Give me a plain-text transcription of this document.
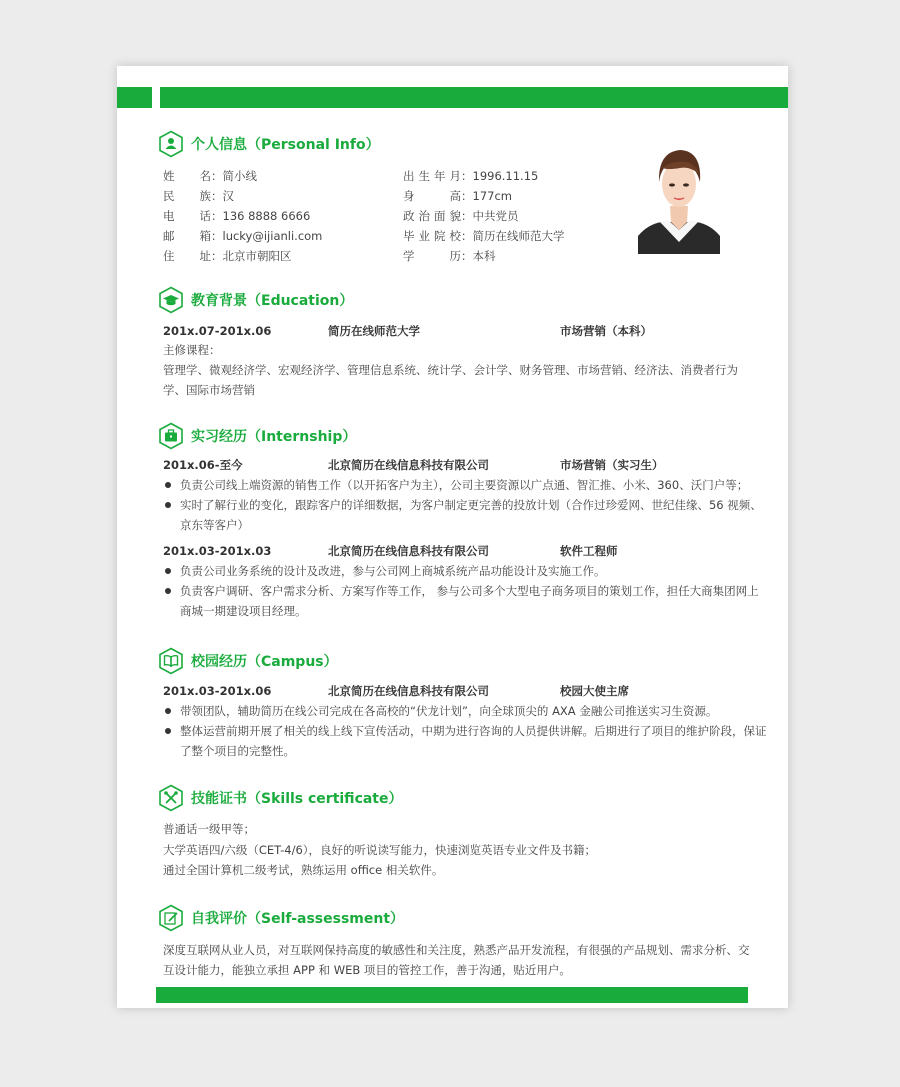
个人信息（Personal Info）
姓名：简小线
民族：汉
电话：136 8888 6666
邮箱：lucky@ijianli.com
住址：北京市朝阳区
出生年月：1996.11.15
身高：177cm
政治面貌：中共党员
毕业院校：简历在线师范大学
学历：本科
教育背景（Education）
201x.07-201x.06	简历在线师范大学	市场营销（本科）
主修课程：
管理学、微观经济学、宏观经济学、管理信息系统、统计学、会计学、财务管理、市场营销、经济法、消费者行为学、国际市场营销
实习经历（Internship）
201x.06-至今	北京简历在线信息科技有限公司	市场营销（实习生）
负责公司线上端资源的销售工作（以开拓客户为主），公司主要资源以广点通、智汇推、小米、360、沃门户等；
实时了解行业的变化，跟踪客户的详细数据，为客户制定更完善的投放计划（合作过珍爱网、世纪佳缘、56 视频、京东等客户）
201x.03-201x.03	北京简历在线信息科技有限公司	软件工程师
负责公司业务系统的设计及改进，参与公司网上商城系统产品功能设计及实施工作。
负责客户调研、客户需求分析、方案写作等工作， 参与公司多个大型电子商务项目的策划工作，担任大商集团网上商城一期建设项目经理。
校园经历（Campus）
201x.03-201x.06	北京简历在线信息科技有限公司	校园大使主席
带领团队，辅助简历在线公司完成在各高校的“伏龙计划”，向全球顶尖的 AXA 金融公司推送实习生资源。
整体运营前期开展了相关的线上线下宣传活动，中期为进行咨询的人员提供讲解。后期进行了项目的维护阶段，保证了整个项目的完整性。
技能证书（Skills certificate）
普通话一级甲等；
大学英语四/六级（CET-4/6），良好的听说读写能力，快速浏览英语专业文件及书籍；
通过全国计算机二级考试，熟练运用 office 相关软件。
自我评价（Self-assessment）
深度互联网从业人员，对互联网保持高度的敏感性和关注度，熟悉产品开发流程，有很强的产品规划、需求分析、交互设计能力，能独立承担 APP 和 WEB 项目的管控工作，善于沟通，贴近用户。
